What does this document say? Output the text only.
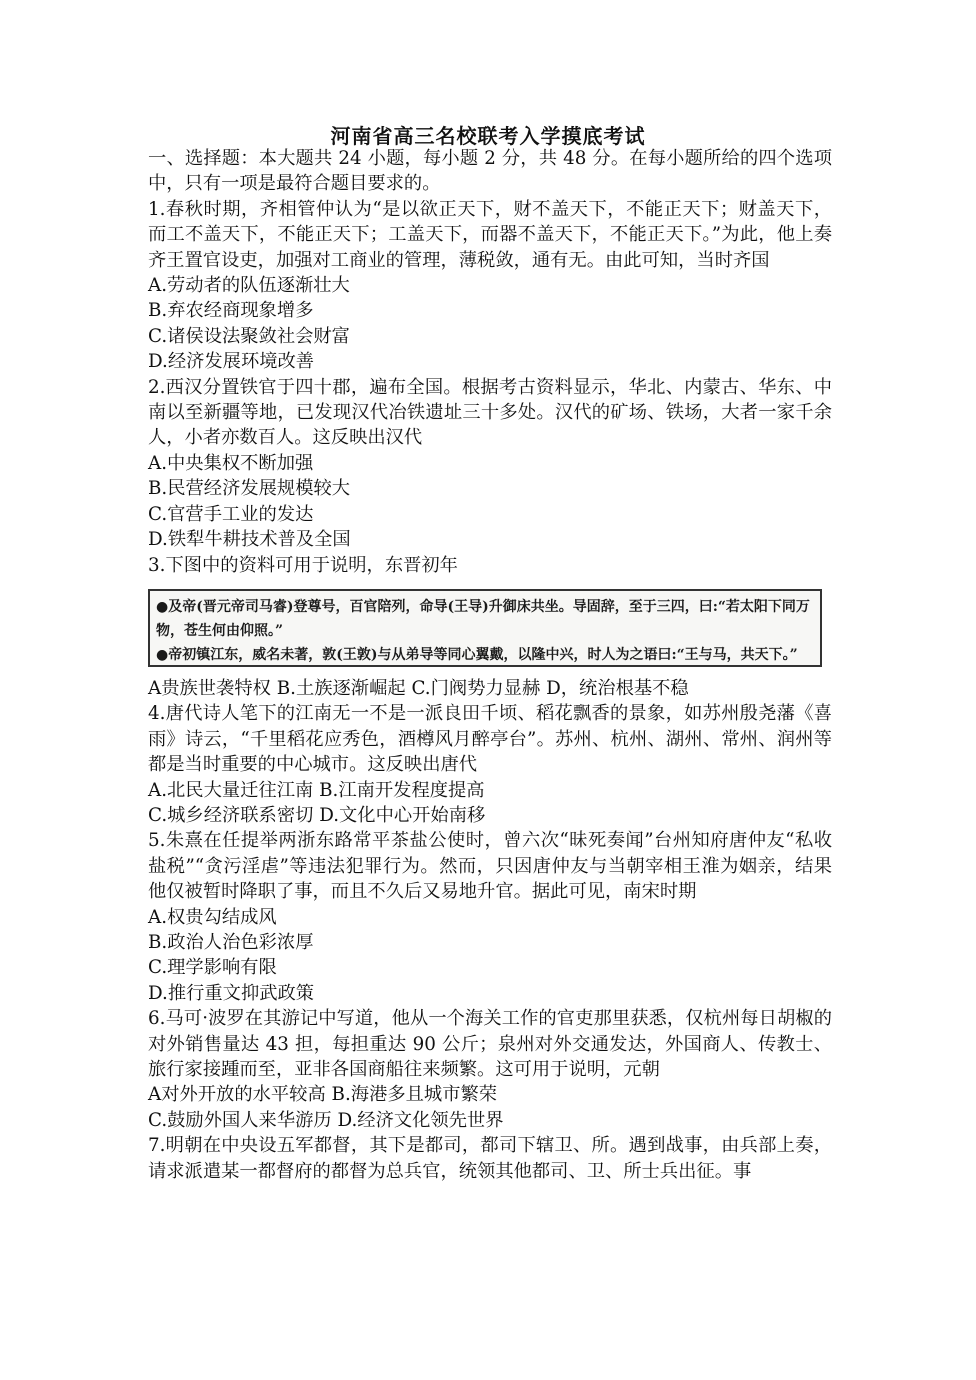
河南省高三名校联考入学摸底考试

一、选择题：本大题共 24 小题，每小题 2 分，共 48 分。在每小题所给的四个选项中，只有一项是最符合题目要求的。

1.春秋时期，齐相管仲认为“是以欲正天下，财不盖天下，不能正天下；财盖天下，而工不盖天下，不能正天下；工盖天下，而器不盖天下，不能正天下。”为此，他上奏齐王置官设吏，加强对工商业的管理，薄税敛，通有无。由此可知，当时齐国

A.劳动者的队伍逐渐壮大

B.弃农经商现象增多

C.诸侯设法聚敛社会财富

D.经济发展环境改善

2.西汉分置铁官于四十郡，遍布全国。根据考古资料显示，华北、内蒙古、华东、中南以至新疆等地，已发现汉代冶铁遗址三十多处。汉代的矿场、铁场，大者一家千余人，小者亦数百人。这反映出汉代

A.中央集权不断加强

B.民营经济发展规模较大

C.官营手工业的发达

D.铁犁牛耕技术普及全国

3.下图中的资料可用于说明，东晋初年

●及帝(晋元帝司马睿)登尊号，百官陪列，命导(王导)升御床共坐。导固辞，至于三四，曰:“若太阳下同万
物，苍生何由仰照。”
●帝初镇江东，威名未著，敦(王敦)与从弟导等同心翼戴，以隆中兴，时人为之语曰:“王与马，共天下。”

A贵族世袭特权 B.土族逐渐崛起 C.门阀势力显赫 D，统治根基不稳

4.唐代诗人笔下的江南无一不是一派良田千顷、稻花飘香的景象，如苏州殷尧藩《喜雨》诗云，“千里稻花应秀色，酒樽风月醉亭台”。苏州、杭州、湖州、常州、润州等都是当时重要的中心城市。这反映出唐代

A.北民大量迁往江南 B.江南开发程度提高

C.城乡经济联系密切 D.文化中心开始南移

5.朱熹在任提举两浙东路常平茶盐公使时，曾六次“昧死奏闻”台州知府唐仲友“私收盐税”“贪污淫虐”等违法犯罪行为。然而，只因唐仲友与当朝宰相王淮为姻亲，结果他仅被暂时降职了事，而且不久后又易地升官。据此可见，南宋时期

A.权贵勾结成风

B.政治人治色彩浓厚

C.理学影响有限

D.推行重文抑武政策

6.马可·波罗在其游记中写道，他从一个海关工作的官吏那里获悉，仅杭州每日胡椒的对外销售量达 43 担，每担重达 90 公斤；泉州对外交通发达，外国商人、传教士、旅行家接踵而至，亚非各国商船往来频繁。这可用于说明，元朝

A对外开放的水平较高 B.海港多且城市繁荣

C.鼓励外国人来华游历 D.经济文化领先世界

7.明朝在中央设五军都督，其下是都司，都司下辖卫、所。遇到战事，由兵部上奏，请求派遣某一都督府的都督为总兵官，统领其他都司、卫、所士兵出征。事
